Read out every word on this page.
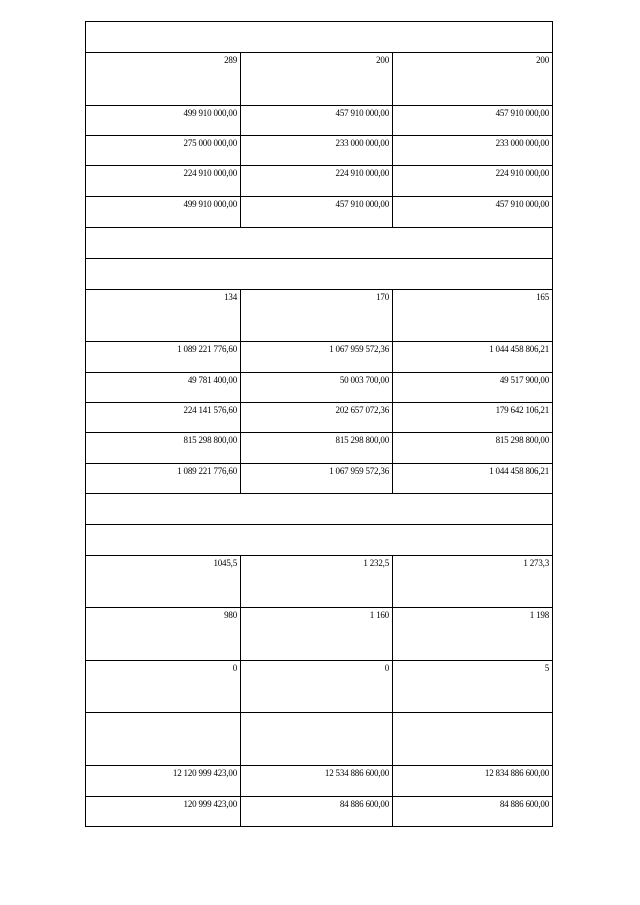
289	200	200
499 910 000,00	457 910 000,00	457 910 000,00
275 000 000,00	233 000 000,00	233 000 000,00
224 910 000,00	224 910 000,00	224 910 000,00
499 910 000,00	457 910 000,00	457 910 000,00

134	170	165
1 089 221 776,60	1 067 959 572,36	1 044 458 806,21
49 781 400,00	50 003 700,00	49 517 900,00
224 141 576,60	202 657 072,36	179 642 106,21
815 298 800,00	815 298 800,00	815 298 800,00
1 089 221 776,60	1 067 959 572,36	1 044 458 806,21

1045,5	1 232,5	1 273,3
980	1 160	1 198
0	0	5

12 120 999 423,00	12 534 886 600,00	12 834 886 600,00
120 999 423,00	84 886 600,00	84 886 600,00
